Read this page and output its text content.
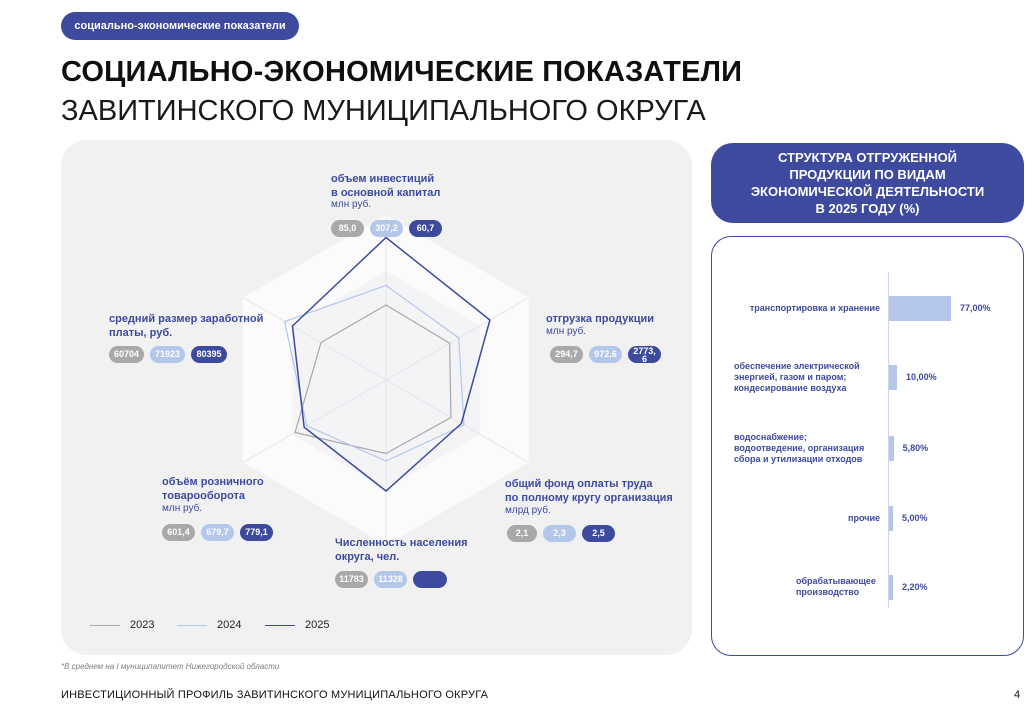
социально-экономические показатели
СОЦИАЛЬНО-ЭКОНОМИЧЕСКИЕ ПОКАЗАТЕЛИ
ЗАВИТИНСКОГО МУНИЦИПАЛЬНОГО ОКРУГА
объем инвестиций
в основной капитал
млн руб.
85,0	307,2	60,7
отгрузка продукции
млн руб.
294,7	972,6	2773,
6
общий фонд оплаты труда
по полному кругу организация
млрд руб.
2,1	2,3	2,5
Численность населения
округа, чел.
11783	11328
объём розничного
товарооборота
млн руб.
601,4	679,7	779,1
средний размер заработной
платы, руб.
60704	71923	80395
2023	2024	2025
СТРУКТУРА ОТГРУЖЕННОЙ
ПРОДУКЦИИ ПО ВИДАМ
ЭКОНОМИЧЕСКОЙ ДЕЯТЕЛЬНОСТИ
В 2025 ГОДУ (%)
77,00%
транспортировка и хранение
10,00%
обеспечение электрической
энергией, газом и паром;
кондесирование воздуха
5,80%
водоснабжение;
водоотведение, организация
сбора и утилизации отходов
5,00%
прочие
2,20%
обрабатывающее
производство
*В среднем на I муниципалитет Нижегородской области
ИНВЕСТИЦИОННЫЙ ПРОФИЛЬ ЗАВИТИНСКОГО МУНИЦИПАЛЬНОГО ОКРУГА	4
